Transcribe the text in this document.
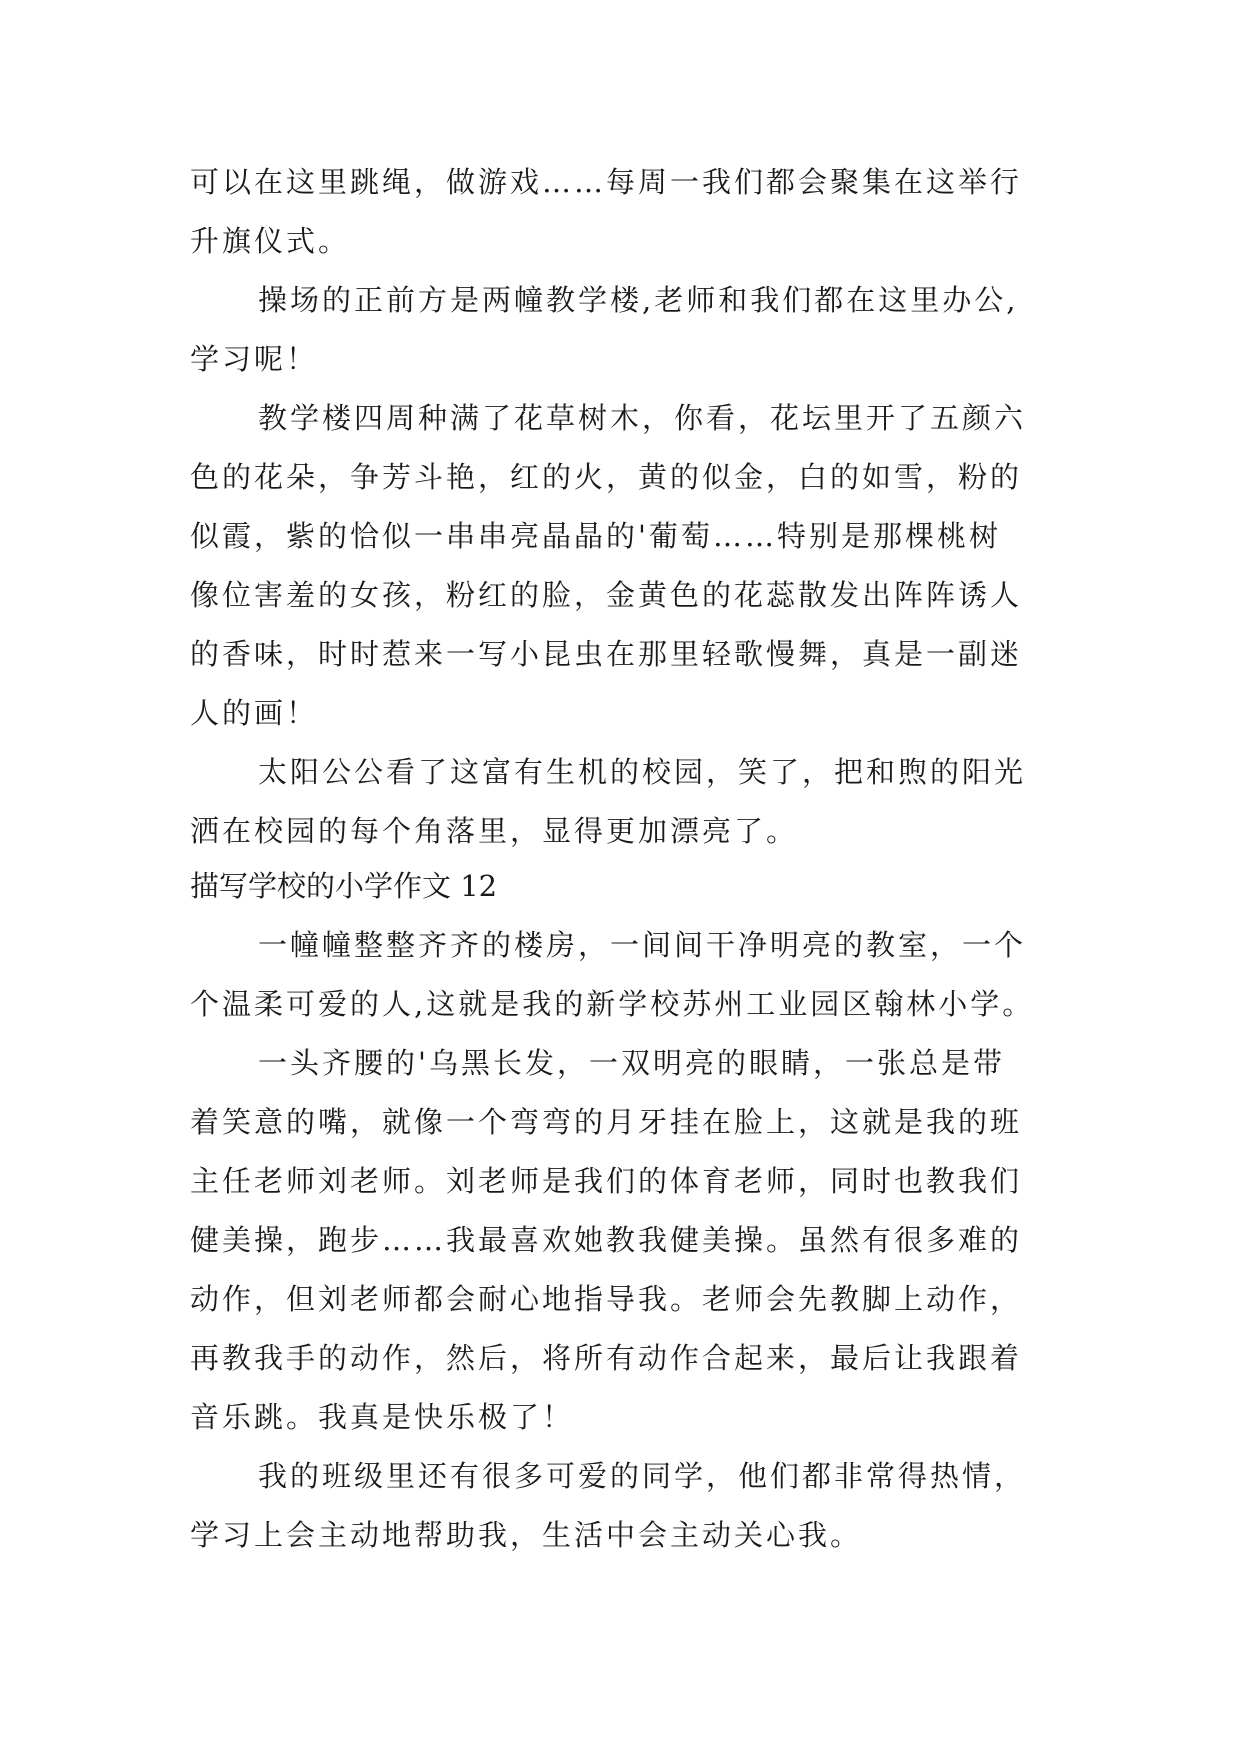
可以在这里跳绳，做游戏……每周一我们都会聚集在这举行
升旗仪式。
操场的正前方是两幢教学楼,老师和我们都在这里办公,
学习呢！
教学楼四周种满了花草树木，你看，花坛里开了五颜六
色的花朵，争芳斗艳，红的火，黄的似金，白的如雪，粉的
似霞，紫的恰似一串串亮晶晶的'葡萄……特别是那棵桃树
像位害羞的女孩，粉红的脸，金黄色的花蕊散发出阵阵诱人
的香味，时时惹来一写小昆虫在那里轻歌慢舞，真是一副迷
人的画！
太阳公公看了这富有生机的校园，笑了，把和煦的阳光
洒在校园的每个角落里，显得更加漂亮了。
描写学校的小学作文 12
一幢幢整整齐齐的楼房，一间间干净明亮的教室，一个
个温柔可爱的人,这就是我的新学校苏州工业园区翰林小学。
一头齐腰的'乌黑长发，一双明亮的眼睛，一张总是带
着笑意的嘴，就像一个弯弯的月牙挂在脸上，这就是我的班
主任老师刘老师。刘老师是我们的体育老师，同时也教我们
健美操，跑步……我最喜欢她教我健美操。虽然有很多难的
动作，但刘老师都会耐心地指导我。老师会先教脚上动作，
再教我手的动作，然后，将所有动作合起来，最后让我跟着
音乐跳。我真是快乐极了！
我的班级里还有很多可爱的同学，他们都非常得热情，
学习上会主动地帮助我，生活中会主动关心我。
